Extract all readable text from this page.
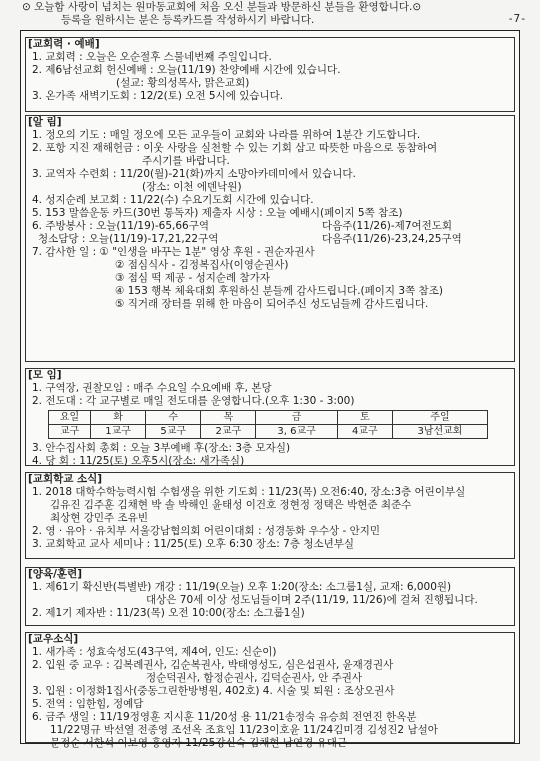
⊙ 오늘함 사랑이 넘치는 원마동교회에 처음 오신 분들과 방문하신 분들을 환영합니다.⊙
등록을 원하시는 분은 등록카드를 작성하시기 바랍니다.	-7-
[교회력 · 예배]
1. 교회력 : 오늘은 오순절후 스물네번째 주일입니다.
2. 제6남선교회 헌신예배 : 오늘(11/19) 찬양예배 시간에 있습니다.
(설교: 황의성목사, 맑은교회)
3. 온가족 새벽기도회 : 12/2(토) 오전 5시에 있습니다.
[알 림]
1. 정오의 기도 : 매일 정오에 모든 교우들이 교회와 나라를 위하여 1분간 기도합니다.
2. 포항 지진 재해헌금 : 이웃 사랑을 실천할 수 있는 기회 삼고 따뜻한 마음으로 동참하여
주시기를 바랍니다.
3. 교역자 수련회 : 11/20(월)-21(화)까지 소망아카데미에서 있습니다.
(장소: 이천 에덴낙원)
4. 성지순례 보고회 : 11/22(수) 수요기도회 시간에 있습니다.
5. 153 말씀운동 카드(30번 통독자) 제출자 시상 : 오늘 예배시(페이지 5쪽 참조)
6. 주방봉사 : 오늘(11/19)-65,66구역	다음주(11/26)-제7여전도회
청소담당 : 오늘(11/19)-17,21,22구역	다음주(11/26)-23,24,25구역
7. 감사한 일 : ① "인생을 바꾸는 1분" 영상 후원 - 권순자권사
② 점심식사 - 김정복집사(이영순권사)
③ 점심 떡 제공 - 성지순례 참가자
④ 153 행복 체육대회 후원하신 분들께 감사드립니다.(페이지 3쪽 참조)
⑤ 직거래 장터를 위해 한 마음이 되어주신 성도님들께 감사드립니다.
[모 임]
1. 구역장, 권찰모임 : 매주 수요일 수요예배 후, 본당
2. 전도대 : 각 교구별로 매일 전도대를 운영합니다.(오후 1:30 - 3:00)
요일	화	수	목	금	토	주일
교구	1교구	5교구	2교구	3, 6교구	4교구	3남선교회
3. 안수집사회 총회 : 오늘 3부예배 후(장소: 3층 모자실)
4. 당 회 : 11/25(토) 오후5시(장소: 새가족실)
[교회학교 소식]
1. 2018 대학수학능력시험 수험생을 위한 기도회 : 11/23(목) 오전6:40, 장소:3층 어린이부실
김유진 김주훈 김채현 박 솔 박해인 윤태성 이건호 정현정 정택은 박현준 최준수
최상현 강민주 조유빈
2. 영 · 유아 · 유치부 서울강남협의회 어린이대회 : 성경동화 우수상 - 안지민
3. 교회학교 교사 세미나 : 11/25(토) 오후 6:30 장소: 7층 청소년부실
[양육/훈련]
1. 제61기 확신반(특별반) 개강 : 11/19(오늘) 오후 1:20(장소: 소그룹1실, 교재: 6,000원)
대상은 70세 이상 성도님들이며 2주(11/19, 11/26)에 걸쳐 진행됩니다.
2. 제1기 제자반 : 11/23(목) 오전 10:00(장소: 소그룹1실)
[교우소식]
1. 새가족 : 성효숙성도(43구역, 제4여, 인도: 신순이)
2. 입원 중 교우 : 김복례권사, 김순복권사, 박태영성도, 심은섭권사, 윤재경권사
정순덕권사, 함정순권사, 김덕순권사, 안 주권사
3. 입원 : 이정화1집사(중동그린한방병원, 402호) 4. 시술 및 퇴원 : 조상오권사
5. 전역 : 임한힘, 정예담
6. 금주 생일 : 11/19정영훈 지시훈 11/20성 용 11/21송정숙 유승희 전연진 한옥분
11/22명규 박선열 전종영 조선옥 조효임 11/23이호윤 11/24김미경 김성진2 남설아
문정순 서한석 이보영 홍영자 11/25강신숙 김채현 남연경 유대근
